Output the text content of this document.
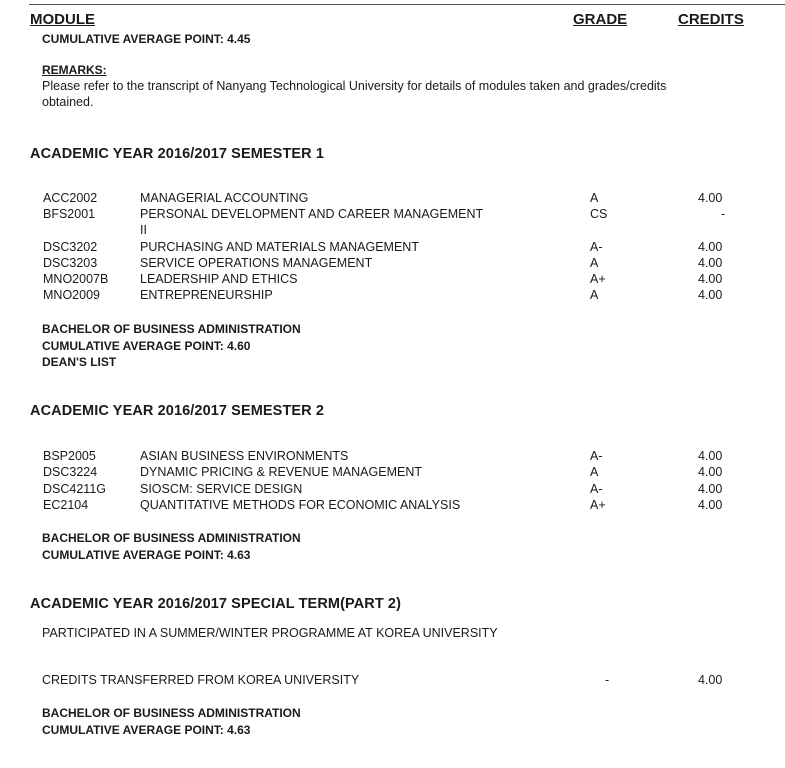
MODULE	GRADE	CREDITS
CUMULATIVE AVERAGE POINT: 4.45
REMARKS:
Please refer to the transcript of Nanyang Technological University for details of modules taken and grades/credits
obtained.
ACADEMIC YEAR 2016/2017 SEMESTER 1
ACC2002	MANAGERIAL ACCOUNTING	A	4.00
BFS2001	PERSONAL DEVELOPMENT AND CAREER MANAGEMENT	CS	-
II
DSC3202	PURCHASING AND MATERIALS MANAGEMENT	A-	4.00
DSC3203	SERVICE OPERATIONS MANAGEMENT	A	4.00
MNO2007B	LEADERSHIP AND ETHICS	A+	4.00
MNO2009	ENTREPRENEURSHIP	A	4.00
BACHELOR OF BUSINESS ADMINISTRATION
CUMULATIVE AVERAGE POINT: 4.60
DEAN'S LIST
ACADEMIC YEAR 2016/2017 SEMESTER 2
BSP2005	ASIAN BUSINESS ENVIRONMENTS	A-	4.00
DSC3224	DYNAMIC PRICING & REVENUE MANAGEMENT	A	4.00
DSC4211G	SIOSCM: SERVICE DESIGN	A-	4.00
EC2104	QUANTITATIVE METHODS FOR ECONOMIC ANALYSIS	A+	4.00
BACHELOR OF BUSINESS ADMINISTRATION
CUMULATIVE AVERAGE POINT: 4.63
ACADEMIC YEAR 2016/2017 SPECIAL TERM(PART 2)
PARTICIPATED IN A SUMMER/WINTER PROGRAMME AT KOREA UNIVERSITY
CREDITS TRANSFERRED FROM KOREA UNIVERSITY	-	4.00
BACHELOR OF BUSINESS ADMINISTRATION
CUMULATIVE AVERAGE POINT: 4.63
